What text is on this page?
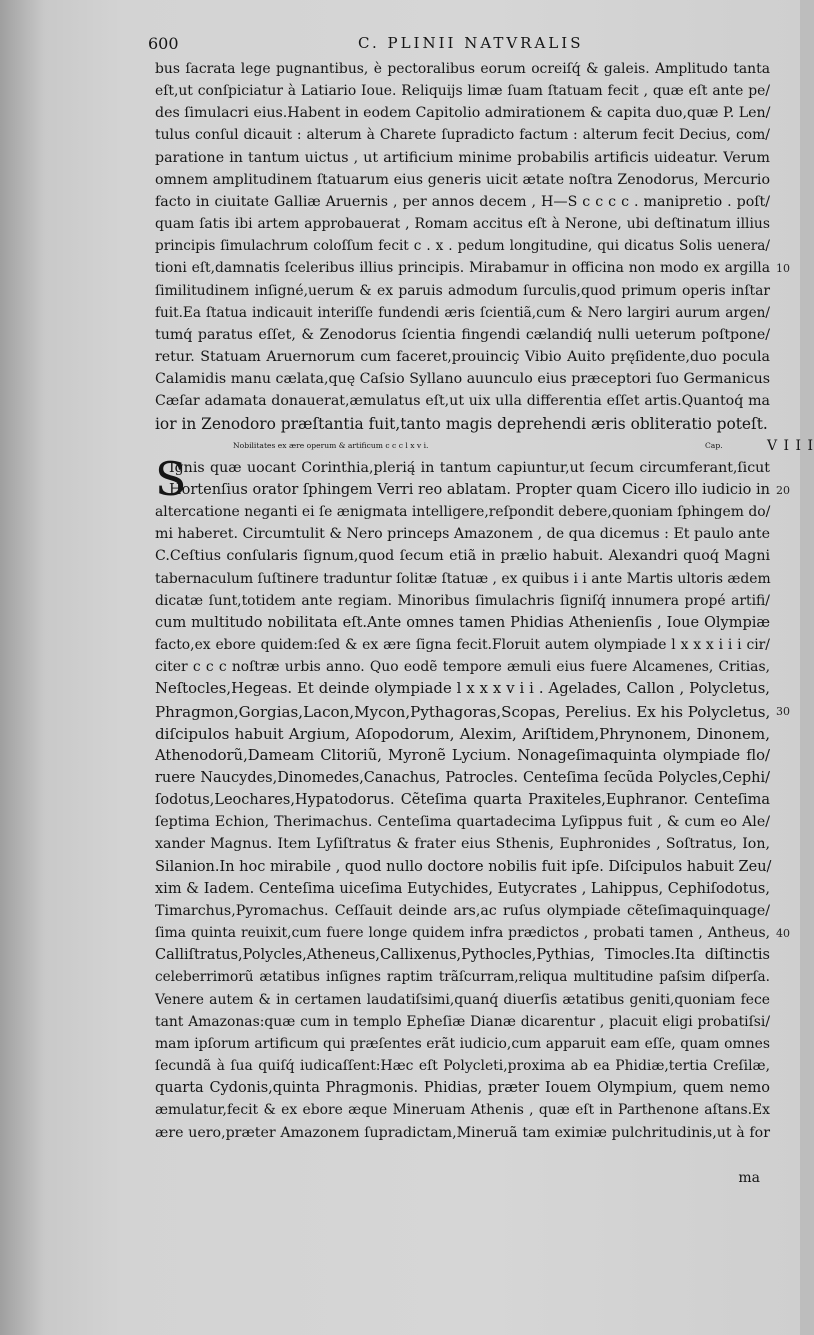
600	C. PLINII NATVRALIS
bus ſacrata lege pugnantibus, è pectoralibus eorum ocreiſq́ & galeis. Amplitudo tanta
eſt,ut conſpiciatur à Latiario Ioue. Reliquijs limæ ſuam ſtatuam fecit , quæ eſt ante pe/
des ſimulacri eius.Habent in eodem Capitolio admirationem & capita duo,quæ P. Len/
tulus conſul dicauit : alterum à Charete ſupradicto factum : alterum fecit Decius, com/
paratione in tantum uictus , ut artificium minime probabilis artificis uideatur. Verum
omnem amplitudinem ſtatuarum eius generis uicit ætate noſtra Zenodorus, Mercurio
facto in ciuitate Galliæ Aruernis , per annos decem , H—S c c c c . manipretio . poſt/
quam ſatis ibi artem approbauerat , Romam accitus eſt à Nerone, ubi deſtinatum illius
principis ſimulachrum coloſſum fecit c . x . pedum longitudine, qui dicatus Solis uenera/
tioni eſt,damnatis ſceleribus illius principis. Mirabamur in officina non modo ex argilla
ſimilitudinem inſigné,uerum & ex paruis admodum ſurculis,quod primum operis inſtar
fuit.Ea ſtatua indicauit interiſſe fundendi æris ſcientiã,cum & Nero largiri aurum argen/
tumq́ paratus eſſet, & Zenodorus ſcientia fingendi cælandiq́ nulli ueterum poſtpone/
retur. Statuam Aruernorum cum faceret,prouinciç Vibio Auito pręſidente,duo pocula
Calamidis manu cælata,quę Caſsio Syllano auunculo eius præceptori ſuo Germanicus
Cæſar adamata donauerat,æmulatus eſt,ut uix ulla differentia eſſet artis.Quantoq́ ma
ior in Zenodoro præſtantia fuit,tanto magis deprehendi æris obliteratio poteſt.
Nobilitates ex ære operum & artificum c c c l x v i.	Cap.	V I I I
S
Ignis quæ uocant Corinthia,plerią́ in tantum capiuntur,ut ſecum circumferant,ſicut
Hortenſius orator ſphingem Verri reo ablatam. Propter quam Cicero illo iudicio in
altercatione neganti ei ſe ænigmata intelligere,reſpondit debere,quoniam ſphingem do/
mi haberet. Circumtulit & Nero princeps Amazonem , de qua dicemus : Et paulo ante
C.Ceſtius conſularis ſignum,quod ſecum etiã in prælio habuit. Alexandri quoq́ Magni
tabernaculum ſuſtinere traduntur ſolitæ ſtatuæ , ex quibus i i ante Martis ultoris ædem
dicatæ ſunt,totidem ante regiam. Minoribus ſimulachris ſigniſq́ innumera propé artifi/
cum multitudo nobilitata eſt.Ante omnes tamen Phidias Athenienſis , Ioue Olympiæ
facto,ex ebore quidem:ſed & ex ære ſigna fecit.Floruit autem olympiade l x x x i i i cir/
citer c c c noſtræ urbis anno. Quo eodẽ tempore æmuli eius fuere Alcamenes, Critias,
Neſtocles,Hegeas. Et deinde olympiade l x x x v i i . Agelades, Callon , Polycletus,
Phragmon,Gorgias,Lacon,Mycon,Pythagoras,Scopas, Perelius. Ex his Polycletus,
diſcipulos habuit Argium, Aſopodorum, Alexim, Ariſtidem,Phrynonem, Dinonem,
Athenodorũ,Dameam Clitoriũ, Myronẽ Lycium. Nonageſimaquinta olympiade flo/
ruere Naucydes,Dinomedes,Canachus, Patrocles. Centeſima ſecũda Polycles,Cephi/
ſodotus,Leochares,Hypatodorus. Cẽteſima quarta Praxiteles,Euphranor. Centeſima
ſeptima Echion, Therimachus. Centeſima quartadecima Lyſippus fuit , & cum eo Ale/
xander Magnus. Item Lyſiſtratus & frater eius Sthenis, Euphronides , Soſtratus, Ion,
Silanion.In hoc mirabile , quod nullo doctore nobilis fuit ipſe. Diſcipulos habuit Zeu/
xim & Iadem. Centeſima uiceſima Eutychides, Eutycrates , Lahippus, Cephiſodotus,
Timarchus,Pyromachus. Ceſſauit deinde ars,ac ruſus olympiade cẽteſimaquinquage/
ſima quinta reuixit,cum fuere longe quidem infra prædictos , probati tamen , Antheus,
Calliſtratus,Polycles,Atheneus,Callixenus,Pythocles,Pythias, Timocles.Ita diſtinctis
celeberrimorũ ætatibus inſignes raptim trãſcurram,reliqua multitudine paſsim diſperſa.
Venere autem & in certamen laudatiſsimi,quanq́ diuerſis ætatibus geniti,quoniam fece
tant Amazonas:quæ cum in templo Epheſiæ Dianæ dicarentur , placuit eligi probatiſsi/
mam ipſorum artificum qui præſentes erãt iudicio,cum apparuit eam eſſe, quam omnes
ſecundã à ſua quiſq́ iudicaſſent:Hæc eſt Polycleti,proxima ab ea Phidiæ,tertia Creſilæ,
quarta Cydonis,quinta Phragmonis. Phidias, præter Iouem Olympium, quem nemo
æmulatur,fecit & ex ebore æque Mineruam Athenis , quæ eſt in Parthenone aſtans.Ex
ære uero,præter Amazonem ſupradictam,Mineruã tam eximiæ pulchritudinis,ut à for
10
20
30
40
ma
